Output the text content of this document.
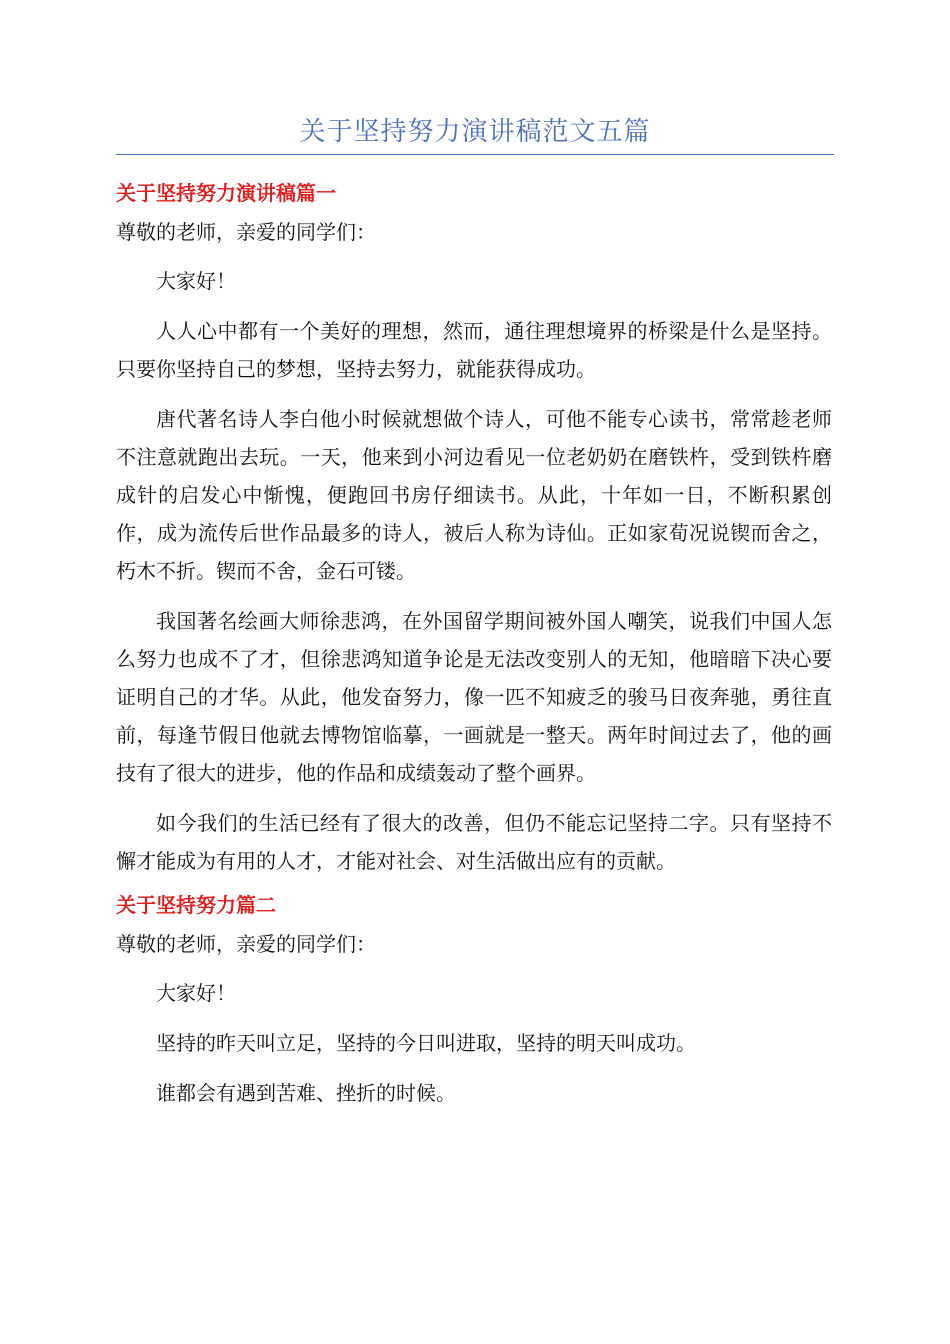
关于坚持努力演讲稿范文五篇
关于坚持努力演讲稿篇一

尊敬的老师，亲爱的同学们：

大家好！

人人心中都有一个美好的理想，然而，通往理想境界的桥梁是什么是坚持。只要你坚持自己的梦想，坚持去努力，就能获得成功。

唐代著名诗人李白他小时候就想做个诗人，可他不能专心读书，常常趁老师不注意就跑出去玩。一天，他来到小河边看见一位老奶奶在磨铁杵，受到铁杵磨成针的启发心中惭愧，便跑回书房仔细读书。从此，十年如一日，不断积累创作，成为流传后世作品最多的诗人，被后人称为诗仙。正如家荀况说锲而舍之，朽木不折。锲而不舍，金石可镂。

我国著名绘画大师徐悲鸿，在外国留学期间被外国人嘲笑，说我们中国人怎么努力也成不了才，但徐悲鸿知道争论是无法改变别人的无知，他暗暗下决心要证明自己的才华。从此，他发奋努力，像一匹不知疲乏的骏马日夜奔驰，勇往直前，每逢节假日他就去博物馆临摹，一画就是一整天。两年时间过去了，他的画技有了很大的进步，他的作品和成绩轰动了整个画界。

如今我们的生活已经有了很大的改善，但仍不能忘记坚持二字。只有坚持不懈才能成为有用的人才，才能对社会、对生活做出应有的贡献。

关于坚持努力篇二

尊敬的老师，亲爱的同学们：

大家好！

坚持的昨天叫立足，坚持的今日叫进取，坚持的明天叫成功。

谁都会有遇到苦难、挫折的时候。
